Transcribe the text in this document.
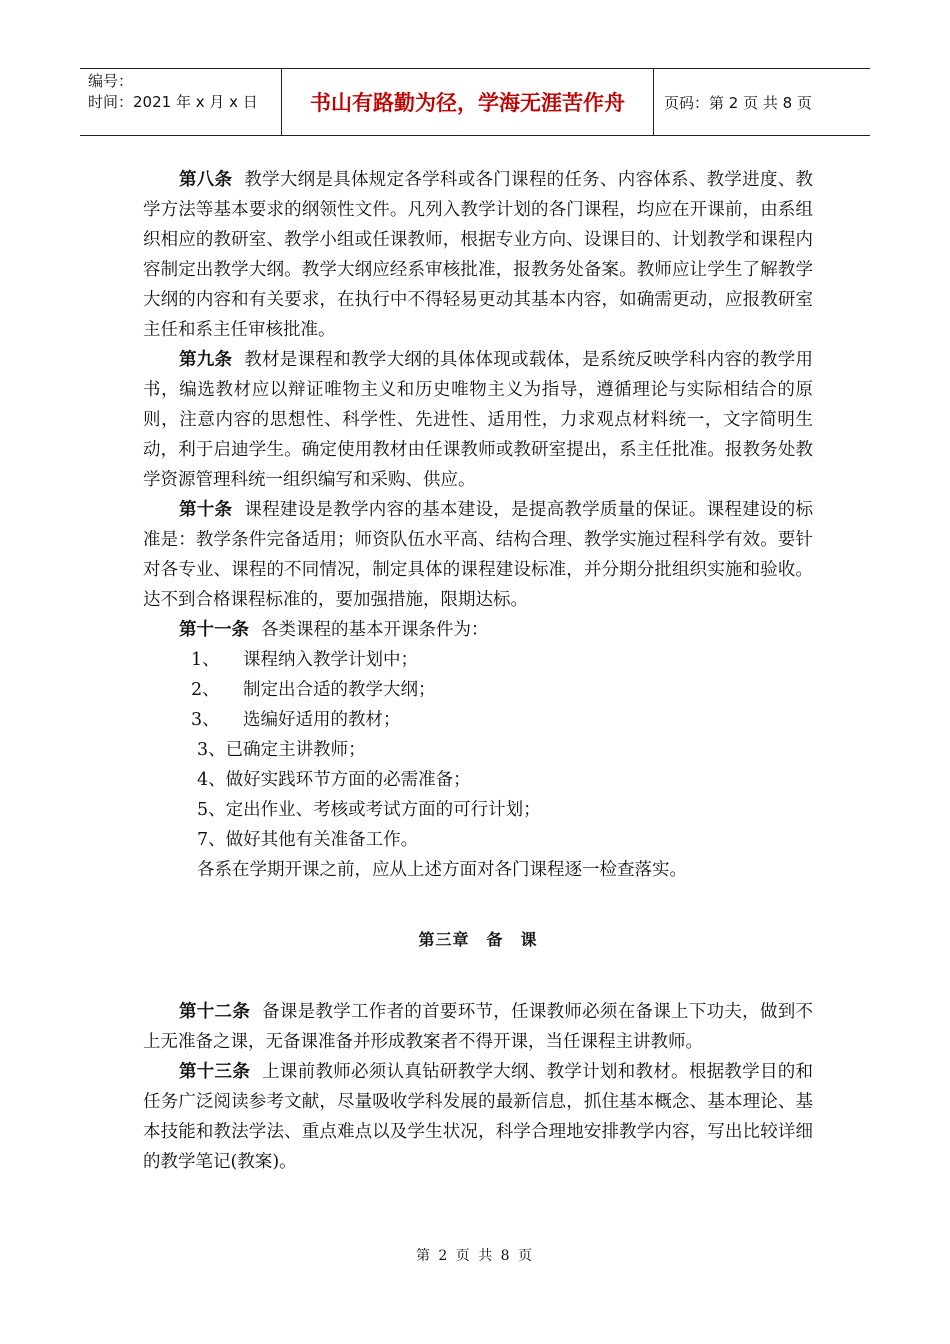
编号：
时间：2021 年 x 月 x 日	书山有路勤为径，学海无涯苦作舟	页码：第 2 页 共 8 页

第八条 教学大纲是具体规定各学科或各门课程的任务、内容体系、教学进度、教学方法等基本要求的纲领性文件。凡列入教学计划的各门课程，均应在开课前，由系组织相应的教研室、教学小组或任课教师，根据专业方向、设课目的、计划教学和课程内容制定出教学大纲。教学大纲应经系审核批准，报教务处备案。教师应让学生了解教学大纲的内容和有关要求，在执行中不得轻易更动其基本内容，如确需更动，应报教研室主任和系主任审核批准。

第九条 教材是课程和教学大纲的具体体现或载体，是系统反映学科内容的教学用书，编选教材应以辩证唯物主义和历史唯物主义为指导，遵循理论与实际相结合的原则，注意内容的思想性、科学性、先进性、适用性，力求观点材料统一，文字简明生动，利于启迪学生。确定使用教材由任课教师或教研室提出，系主任批准。报教务处教学资源管理科统一组织编写和采购、供应。

第十条 课程建设是教学内容的基本建设，是提高教学质量的保证。课程建设的标准是：教学条件完备适用；师资队伍水平高、结构合理、教学实施过程科学有效。要针对各专业、课程的不同情况，制定具体的课程建设标准，并分期分批组织实施和验收。达不到合格课程标准的，要加强措施，限期达标。

第十一条 各类课程的基本开课条件为：

1、 课程纳入教学计划中；

2、 制定出合适的教学大纲；

3、 选编好适用的教材；

3、已确定主讲教师；

4、做好实践环节方面的必需准备；

5、定出作业、考核或考试方面的可行计划；

7、做好其他有关准备工作。

各系在学期开课之前，应从上述方面对各门课程逐一检查落实。

第三章　备　课

第十二条 备课是教学工作者的首要环节，任课教师必须在备课上下功夫，做到不上无准备之课，无备课准备并形成教案者不得开课，当任课程主讲教师。

第十三条 上课前教师必须认真钻研教学大纲、教学计划和教材。根据教学目的和任务广泛阅读参考文献，尽量吸收学科发展的最新信息，抓住基本概念、基本理论、基本技能和教法学法、重点难点以及学生状况，科学合理地安排教学内容，写出比较详细的教学笔记(教案)。

第 2 页 共 8 页
